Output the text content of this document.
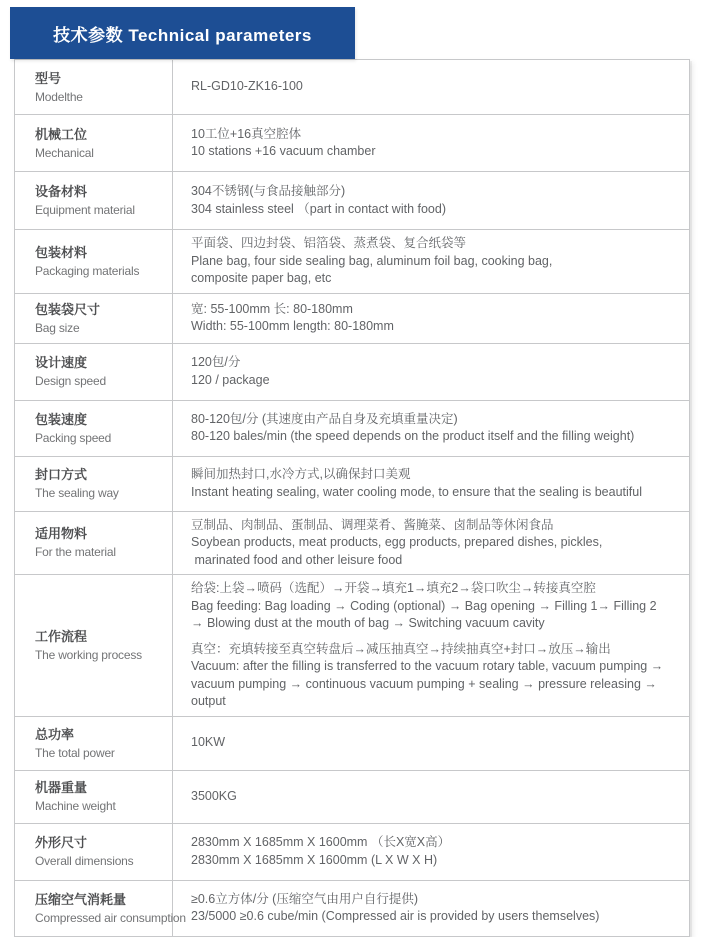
技术参数 Technical parameters
型号
Modelthe
RL-GD10-ZK16-100
机械工位
Mechanical
10工位+16真空腔体
10 stations +16 vacuum chamber
设备材料
Equipment material
304不锈钢(与食品接触部分)
304 stainless steel （part in contact with food)
包装材料
Packaging materials
平面袋、四边封袋、铝箔袋、蒸煮袋、复合纸袋等
Plane bag, four side sealing bag, aluminum foil bag, cooking bag,
composite paper bag, etc
包装袋尺寸
Bag size
宽: 55-100mm 长: 80-180mm
Width: 55-100mm length: 80-180mm
设计速度
Design speed
120包/分
120 / package
包装速度
Packing speed
80-120包/分 (其速度由产品自身及充填重量决定)
80-120 bales/min (the speed depends on the product itself and the filling weight)
封口方式
The sealing way
瞬间加热封口,水冷方式,以确保封口美观
Instant heating sealing, water cooling mode, to ensure that the sealing is beautiful
适用物料
For the material
豆制品、肉制品、蛋制品、调理菜肴、酱腌菜、卤制品等休闲食品
Soybean products, meat products, egg products, prepared dishes, pickles,
marinated food and other leisure food
工作流程
The working process
给袋:上袋→喷码（选配）→开袋→填充1→填充2→袋口吹尘→转接真空腔
Bag feeding: Bag loading → Coding (optional) → Bag opening → Filling 1→ Filling 2
→ Blowing dust at the mouth of bag → Switching vacuum cavity
真空：充填转接至真空转盘后→减压抽真空→持续抽真空+封口→放压→输出
Vacuum: after the filling is transferred to the vacuum rotary table, vacuum pumping →
vacuum pumping → continuous vacuum pumping + sealing → pressure releasing → output
总功率
The total power
10KW
机器重量
Machine weight
3500KG
外形尺寸
Overall dimensions
2830mm X 1685mm X 1600mm （长X宽X高）
2830mm X 1685mm X 1600mm (L X W X H)
压缩空气消耗量
Compressed air consumption
≥0.6立方体/分 (压缩空气由用户自行提供)
23/5000 ≥0.6 cube/min (Compressed air is provided by users themselves)
